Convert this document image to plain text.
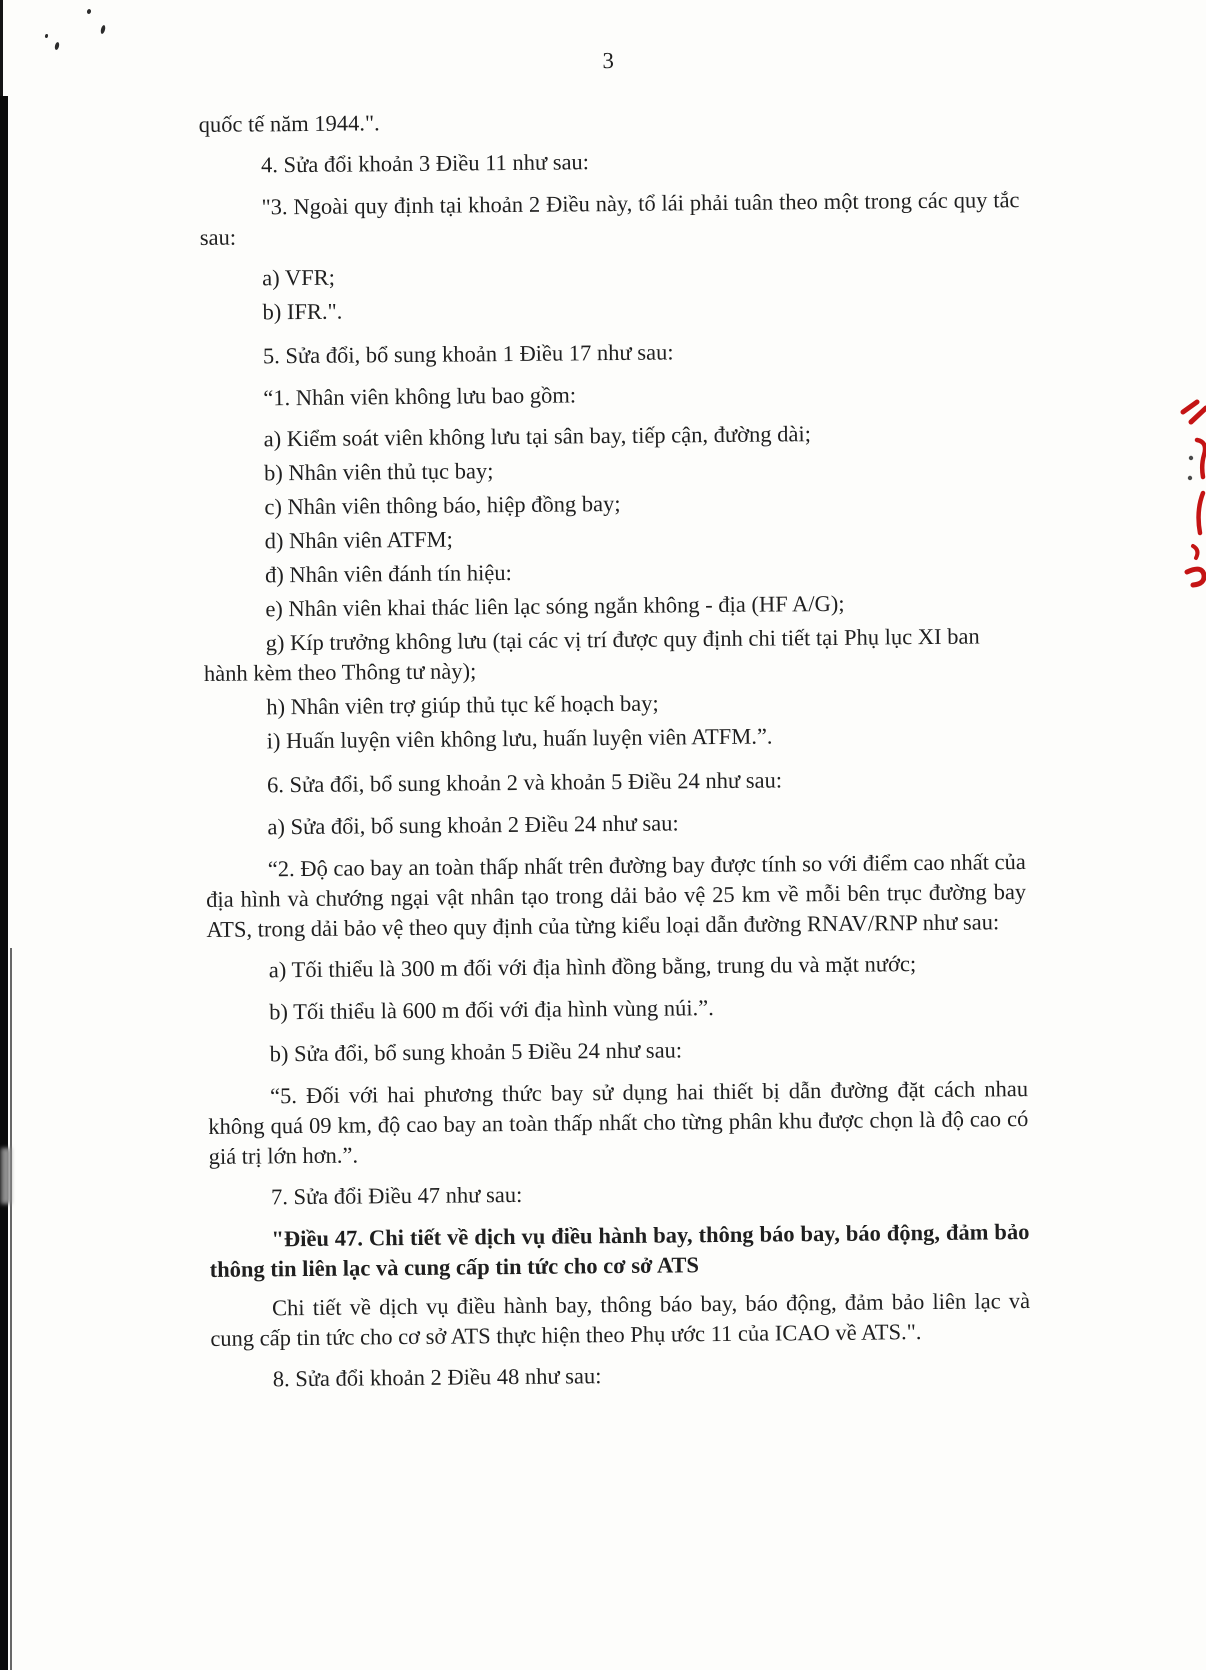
3

quốc tế năm 1944.".

4. Sửa đổi khoản 3 Điều 11 như sau:

"3. Ngoài quy định tại khoản 2 Điều này, tổ lái phải tuân theo một trong các quy tắc sau:

a) VFR;

b) IFR.".

5. Sửa đổi, bổ sung khoản 1 Điều 17 như sau:

“1. Nhân viên không lưu bao gồm:

a) Kiểm soát viên không lưu tại sân bay, tiếp cận, đường dài;

b) Nhân viên thủ tục bay;

c) Nhân viên thông báo, hiệp đồng bay;

d) Nhân viên ATFM;

đ) Nhân viên đánh tín hiệu:

e) Nhân viên khai thác liên lạc sóng ngắn không - địa (HF A/G);

g) Kíp trưởng không lưu (tại các vị trí được quy định chi tiết tại Phụ lục XI ban hành kèm theo Thông tư này);

h) Nhân viên trợ giúp thủ tục kế hoạch bay;

i) Huấn luyện viên không lưu, huấn luyện viên ATFM.”.

6. Sửa đổi, bổ sung khoản 2 và khoản 5 Điều 24 như sau:

a) Sửa đổi, bổ sung khoản 2 Điều 24 như sau:

“2. Độ cao bay an toàn thấp nhất trên đường bay được tính so với điểm cao nhất của địa hình và chướng ngại vật nhân tạo trong dải bảo vệ 25 km về mỗi bên trục đường bay ATS, trong dải bảo vệ theo quy định của từng kiểu loại dẫn đường RNAV/RNP như sau:

a) Tối thiểu là 300 m đối với địa hình đồng bằng, trung du và mặt nước;

b) Tối thiểu là 600 m đối với địa hình vùng núi.”.

b) Sửa đổi, bổ sung khoản 5 Điều 24 như sau:

“5. Đối với hai phương thức bay sử dụng hai thiết bị dẫn đường đặt cách nhau không quá 09 km, độ cao bay an toàn thấp nhất cho từng phân khu được chọn là độ cao có giá trị lớn hơn.”.

7. Sửa đổi Điều 47 như sau:

"Điều 47. Chi tiết về dịch vụ điều hành bay, thông báo bay, báo động, đảm bảo thông tin liên lạc và cung cấp tin tức cho cơ sở ATS

Chi tiết về dịch vụ điều hành bay, thông báo bay, báo động, đảm bảo liên lạc và cung cấp tin tức cho cơ sở ATS thực hiện theo Phụ ước 11 của ICAO về ATS.".

8. Sửa đổi khoản 2 Điều 48 như sau:
